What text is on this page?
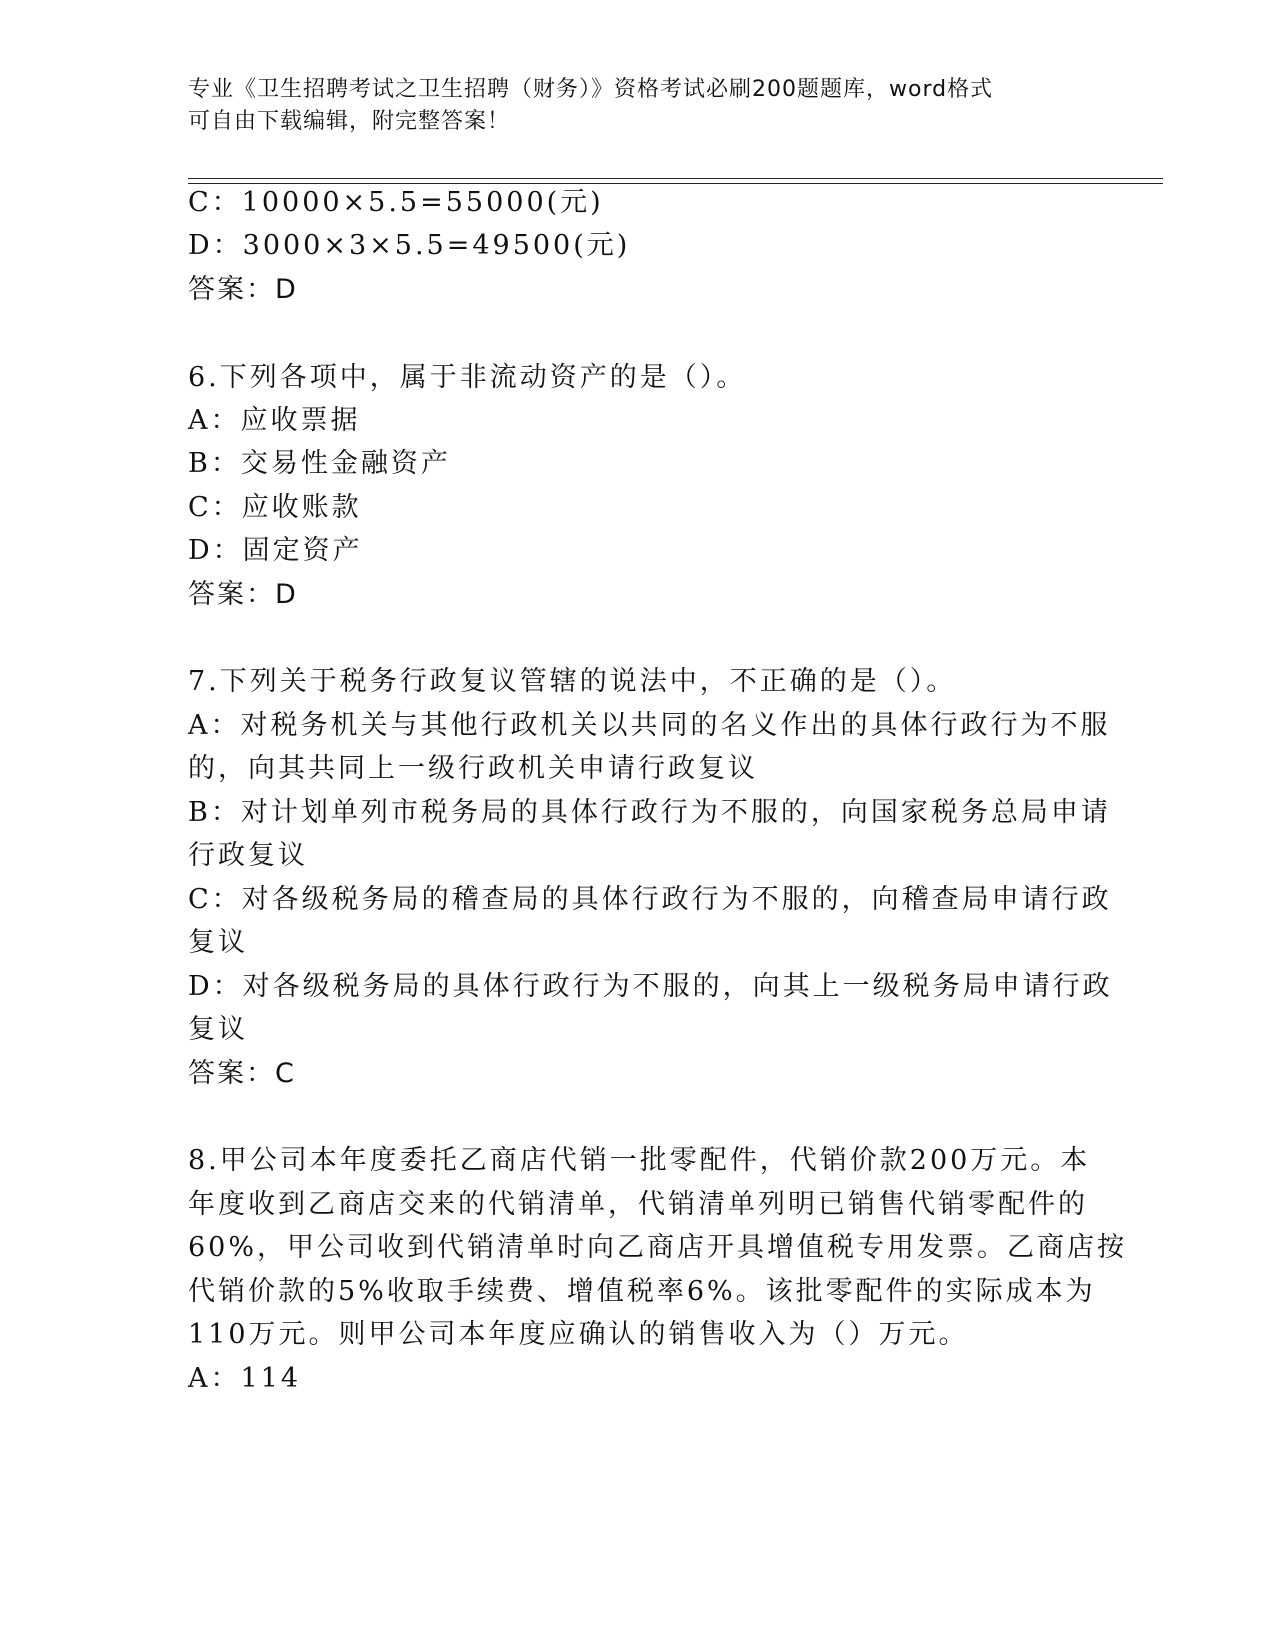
专业《卫生招聘考试之卫生招聘（财务）》资格考试必刷200题题库，word格式
可自由下载编辑，附完整答案！
C：10000×5.5=55000(元)
D：3000×3×5.5=49500(元)
答案：D
6.下列各项中，属于非流动资产的是（）。
A：应收票据
B：交易性金融资产
C：应收账款
D：固定资产
答案：D
7.下列关于税务行政复议管辖的说法中，不正确的是（）。
A：对税务机关与其他行政机关以共同的名义作出的具体行政行为不服
的，向其共同上一级行政机关申请行政复议
B：对计划单列市税务局的具体行政行为不服的，向国家税务总局申请
行政复议
C：对各级税务局的稽查局的具体行政行为不服的，向稽查局申请行政
复议
D：对各级税务局的具体行政行为不服的，向其上一级税务局申请行政
复议
答案：C
8.甲公司本年度委托乙商店代销一批零配件，代销价款200万元。本
年度收到乙商店交来的代销清单，代销清单列明已销售代销零配件的
60%，甲公司收到代销清单时向乙商店开具增值税专用发票。乙商店按
代销价款的5%收取手续费、增值税率6%。该批零配件的实际成本为
110万元。则甲公司本年度应确认的销售收入为（）万元。
A：114
